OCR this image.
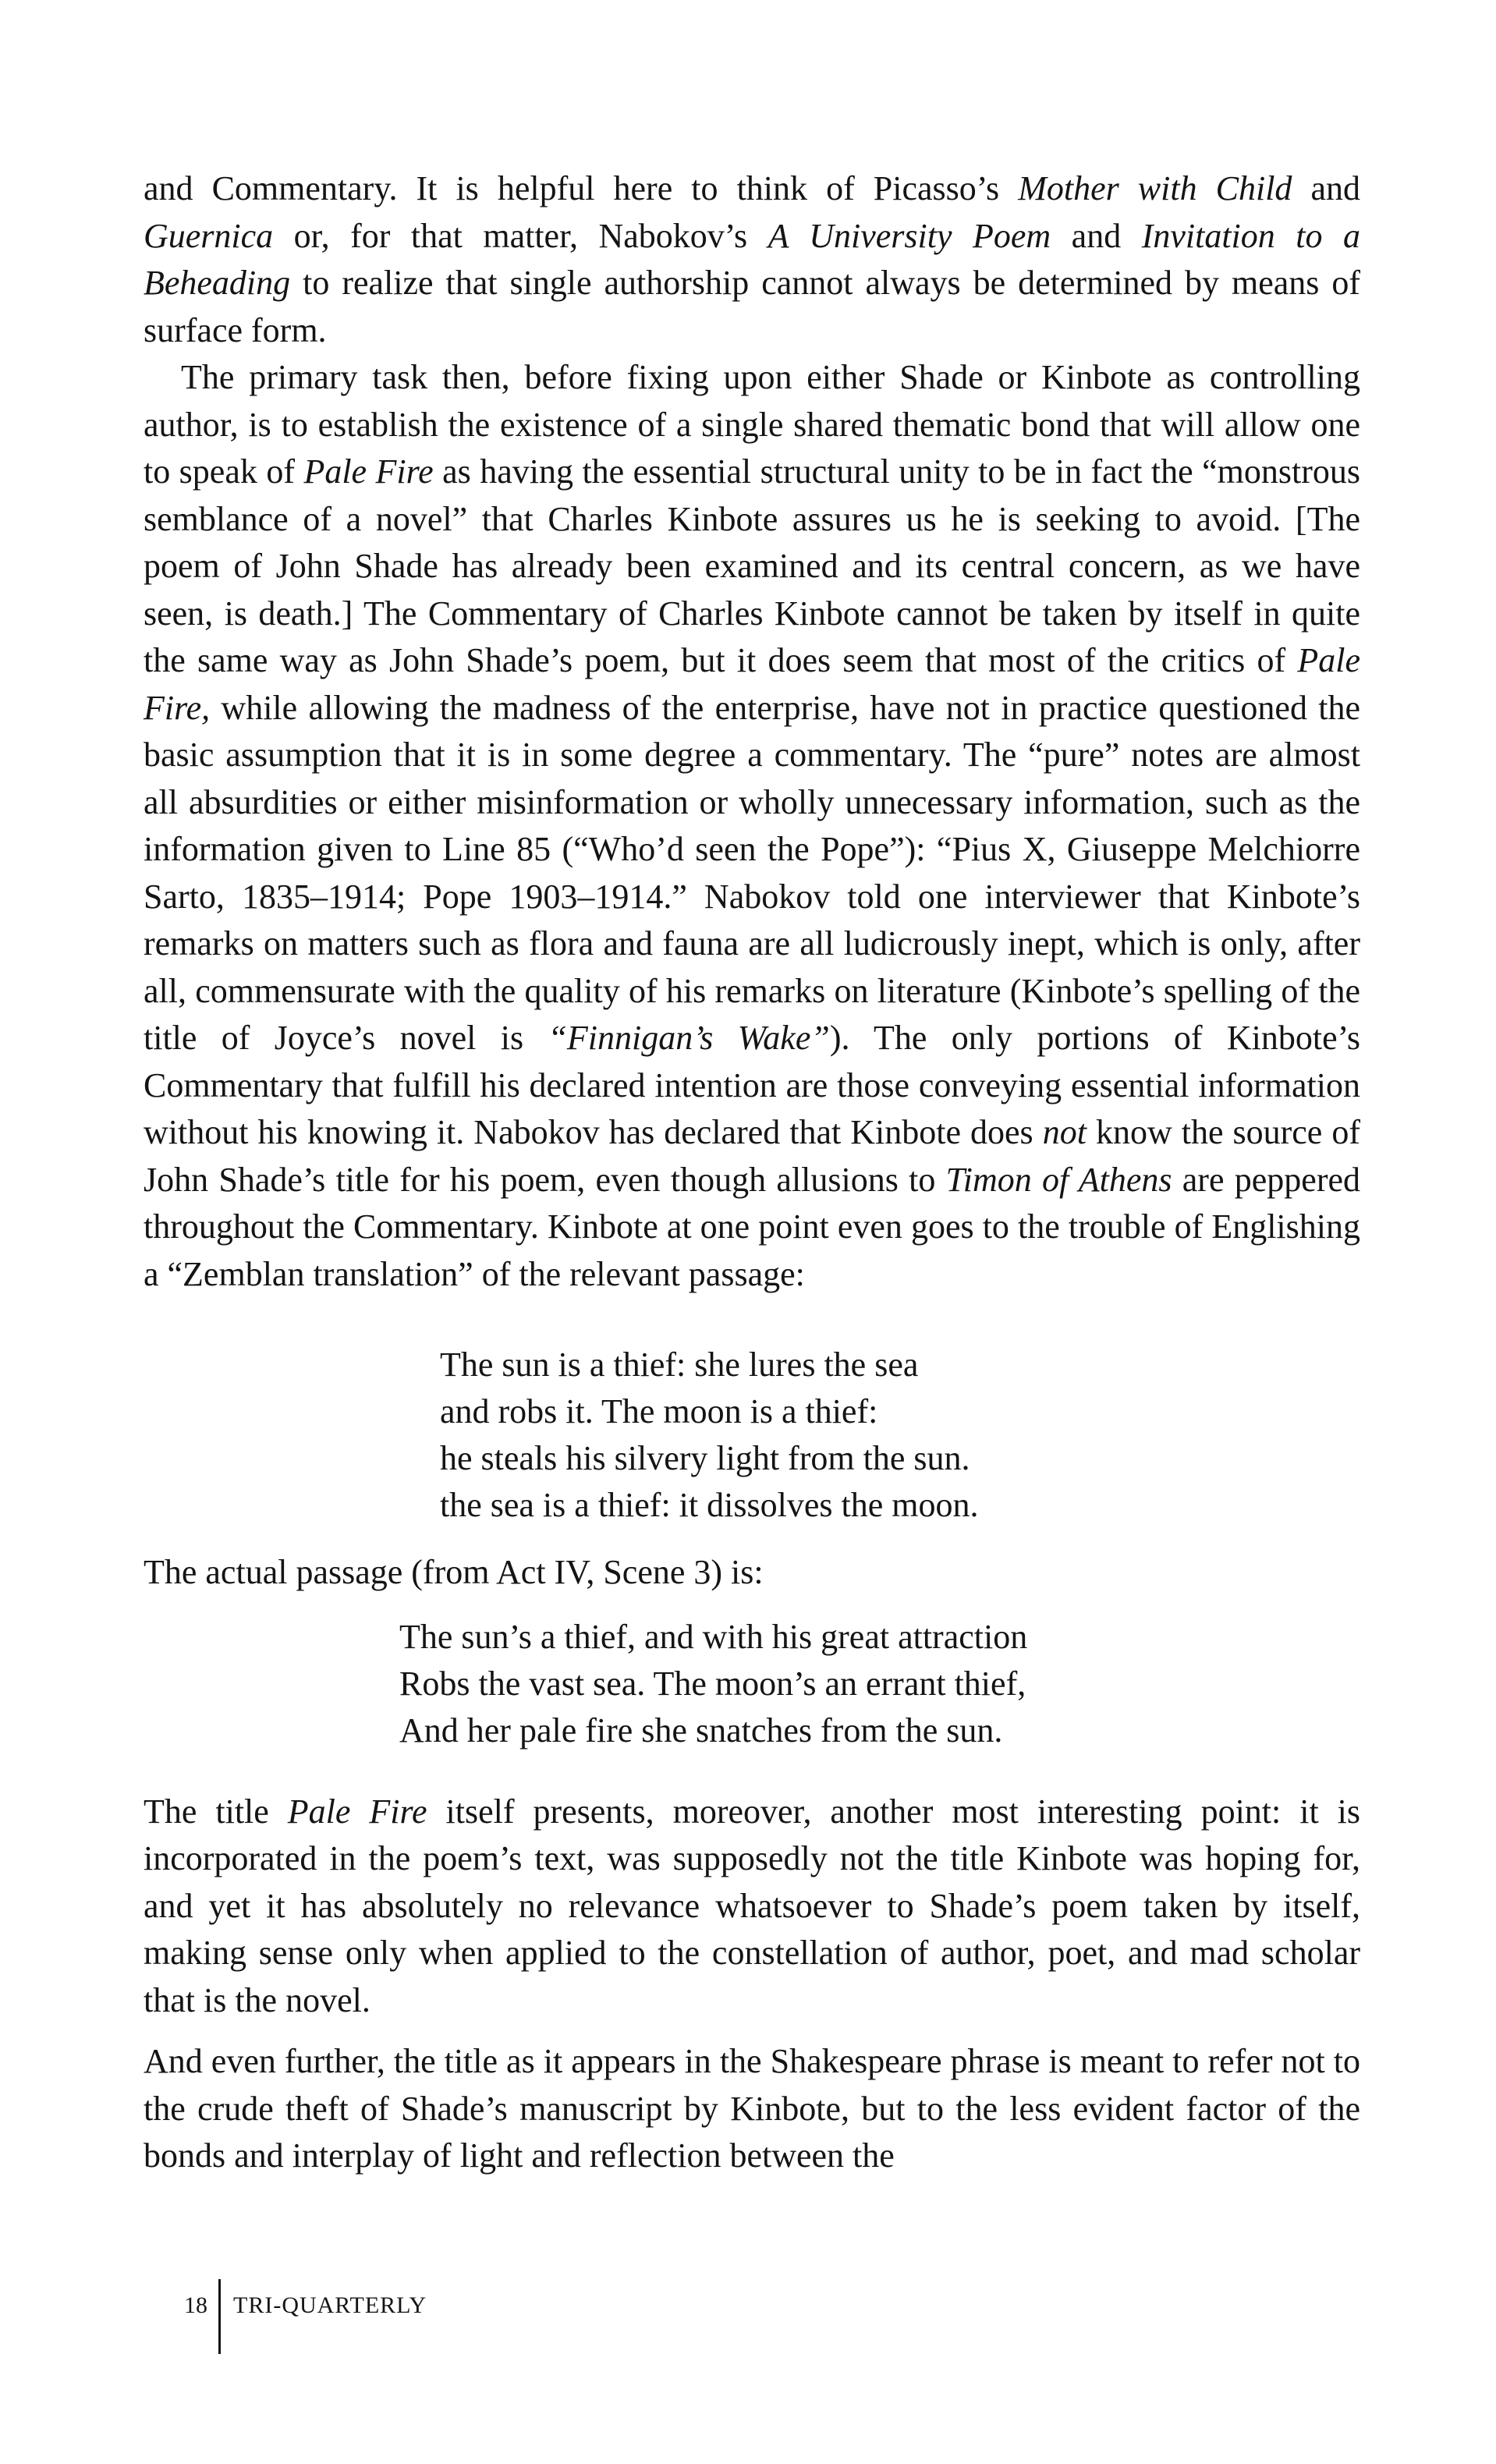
and Commentary. It is helpful here to think of Picasso’s Mother with Child and Guernica or, for that matter, Nabokov’s A University Poem and Invitation to a Beheading to realize that single authorship cannot always be determined by means of surface form.

The primary task then, before fixing upon either Shade or Kinbote as controlling author, is to establish the existence of a single shared thematic bond that will allow one to speak of Pale Fire as having the essential structural unity to be in fact the “monstrous semblance of a novel” that Charles Kinbote assures us he is seeking to avoid. [The poem of John Shade has already been examined and its central concern, as we have seen, is death.] The Commentary of Charles Kinbote cannot be taken by itself in quite the same way as John Shade’s poem, but it does seem that most of the critics of Pale Fire, while allowing the madness of the enterprise, have not in practice questioned the basic assumption that it is in some degree a commentary. The “pure” notes are almost all absurdities or either misinformation or wholly unnecessary information, such as the information given to Line 85 (“Who’d seen the Pope”): “Pius X, Giuseppe Melchiorre Sarto, 1835–1914; Pope 1903–1914.” Nabokov told one interviewer that Kinbote’s remarks on matters such as flora and fauna are all ludicrously inept, which is only, after all, commensurate with the quality of his remarks on literature (Kinbote’s spelling of the title of Joyce’s novel is “Finnigan’s Wake”). The only portions of Kinbote’s Commentary that fulfill his declared intention are those conveying essential information without his knowing it. Nabokov has declared that Kinbote does not know the source of John Shade’s title for his poem, even though allusions to Timon of Athens are peppered throughout the Commentary. Kinbote at one point even goes to the trouble of Englishing a “Zemblan translation” of the relevant passage:

The sun is a thief: she lures the sea
and robs it. The moon is a thief:
he steals his silvery light from the sun.
the sea is a thief: it dissolves the moon.

The actual passage (from Act IV, Scene 3) is:

The sun’s a thief, and with his great attraction
Robs the vast sea. The moon’s an errant thief,
And her pale fire she snatches from the sun.

The title Pale Fire itself presents, moreover, another most interesting point: it is incorporated in the poem’s text, was supposedly not the title Kinbote was hoping for, and yet it has absolutely no relevance whatsoever to Shade’s poem taken by itself, making sense only when applied to the constellation of author, poet, and mad scholar that is the novel.

And even further, the title as it appears in the Shakespeare phrase is meant to refer not to the crude theft of Shade’s manuscript by Kinbote, but to the less evident factor of the bonds and interplay of light and reflection between the

18	TRI-QUARTERLY
